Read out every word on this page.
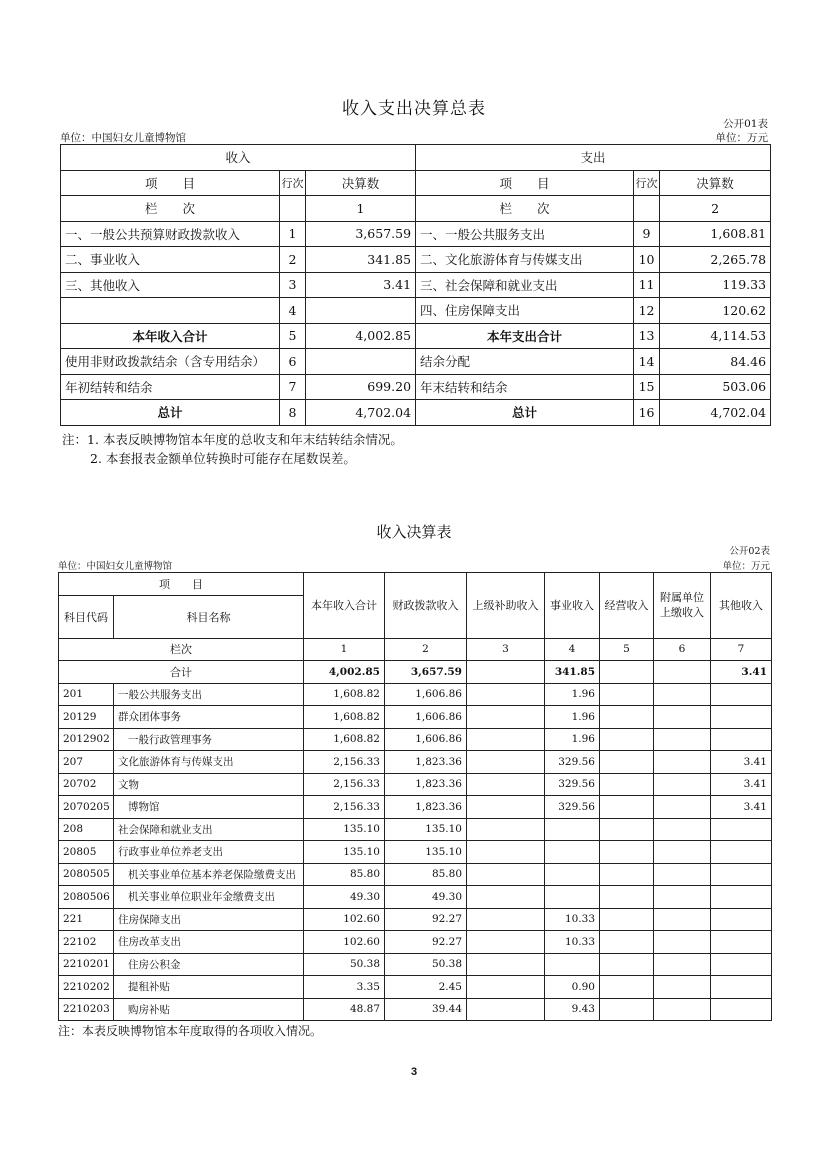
收入支出决算总表
公开01表
单位：中国妇女儿童博物馆	单位：万元
收入			支出		
项　　目	行次	决算数	项　　目	行次	决算数
栏　　次		1	栏　　次		2
一、一般公共预算财政拨款收入	1	3,657.59	一、一般公共服务支出	9	1,608.81
二、事业收入	2	341.85	二、文化旅游体育与传媒支出	10	2,265.78
三、其他收入	3	3.41	三、社会保障和就业支出	11	119.33
	4		四、住房保障支出	12	120.62
本年收入合计	5	4,002.85	本年支出合计	13	4,114.53
使用非财政拨款结余（含专用结余）	6		结余分配	14	84.46
年初结转和结余	7	699.20	年末结转和结余	15	503.06
总计	8	4,702.04	总计	16	4,702.04
注：1. 本表反映博物馆本年度的总收支和年末结转结余情况。
2. 本套报表金额单位转换时可能存在尾数误差。
收入决算表
公开02表
单位：中国妇女儿童博物馆	单位：万元
项　　目		本年收入合计	财政拨款收入	上级补助收入	事业收入	经营收入	附属单位上缴收入	其他收入
科目代码	科目名称							
栏次		1	2	3	4	5	6	7
合计		4,002.85	3,657.59		341.85			3.41
201	一般公共服务支出	1,608.82	1,606.86		1.96			
20129	群众团体事务	1,608.82	1,606.86		1.96			
2012902	一般行政管理事务	1,608.82	1,606.86		1.96			
207	文化旅游体育与传媒支出	2,156.33	1,823.36		329.56			3.41
20702	文物	2,156.33	1,823.36		329.56			3.41
2070205	博物馆	2,156.33	1,823.36		329.56			3.41
208	社会保障和就业支出	135.10	135.10					
20805	行政事业单位养老支出	135.10	135.10					
2080505	机关事业单位基本养老保险缴费支出	85.80	85.80					
2080506	机关事业单位职业年金缴费支出	49.30	49.30					
221	住房保障支出	102.60	92.27		10.33			
22102	住房改革支出	102.60	92.27		10.33			
2210201	住房公积金	50.38	50.38					
2210202	提租补贴	3.35	2.45		0.90			
2210203	购房补贴	48.87	39.44		9.43			
注：本表反映博物馆本年度取得的各项收入情况。
3
